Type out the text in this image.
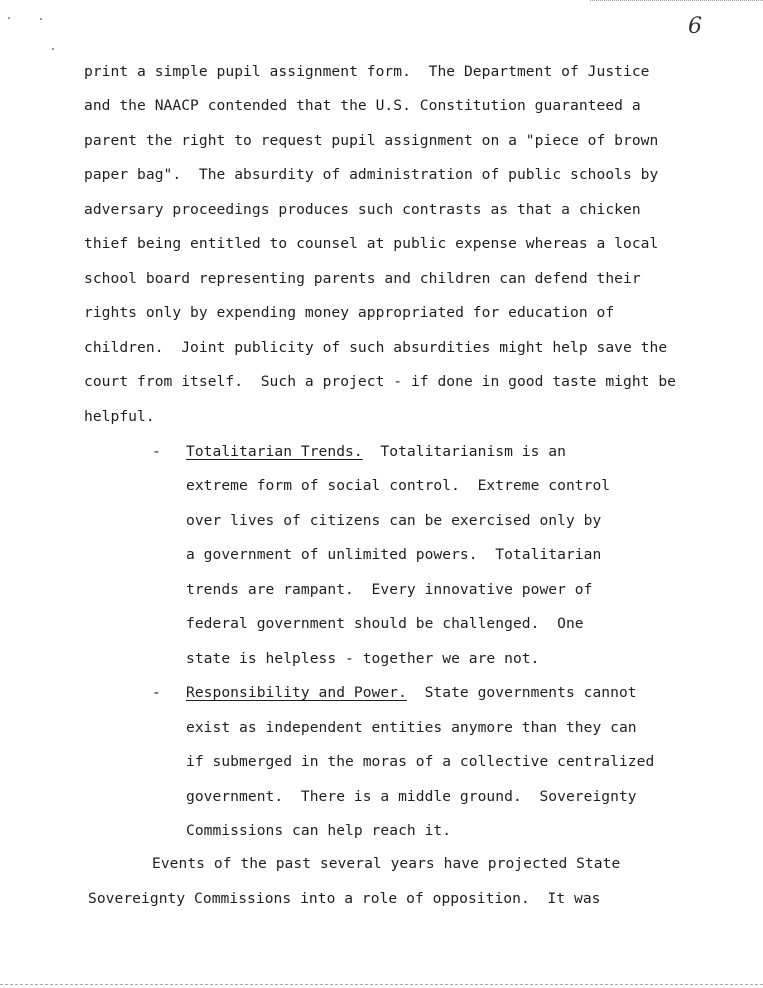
6
print a simple pupil assignment form.  The Department of Justice
and the NAACP contended that the U.S. Constitution guaranteed a
parent the right to request pupil assignment on a "piece of brown
paper bag".  The absurdity of administration of public schools by
adversary proceedings produces such contrasts as that a chicken
thief being entitled to counsel at public expense whereas a local
school board representing parents and children can defend their
rights only by expending money appropriated for education of
children.  Joint publicity of such absurdities might help save the
court from itself.  Such a project - if done in good taste might be
helpful.
- Totalitarian Trends.  Totalitarianism is an
extreme form of social control.  Extreme control
over lives of citizens can be exercised only by
a government of unlimited powers.  Totalitarian
trends are rampant.  Every innovative power of
federal government should be challenged.  One
state is helpless - together we are not.
- Responsibility and Power.  State governments cannot
exist as independent entities anymore than they can
if submerged in the moras of a collective centralized
government.  There is a middle ground.  Sovereignty
Commissions can help reach it.
Events of the past several years have projected State
Sovereignty Commissions into a role of opposition.  It was
